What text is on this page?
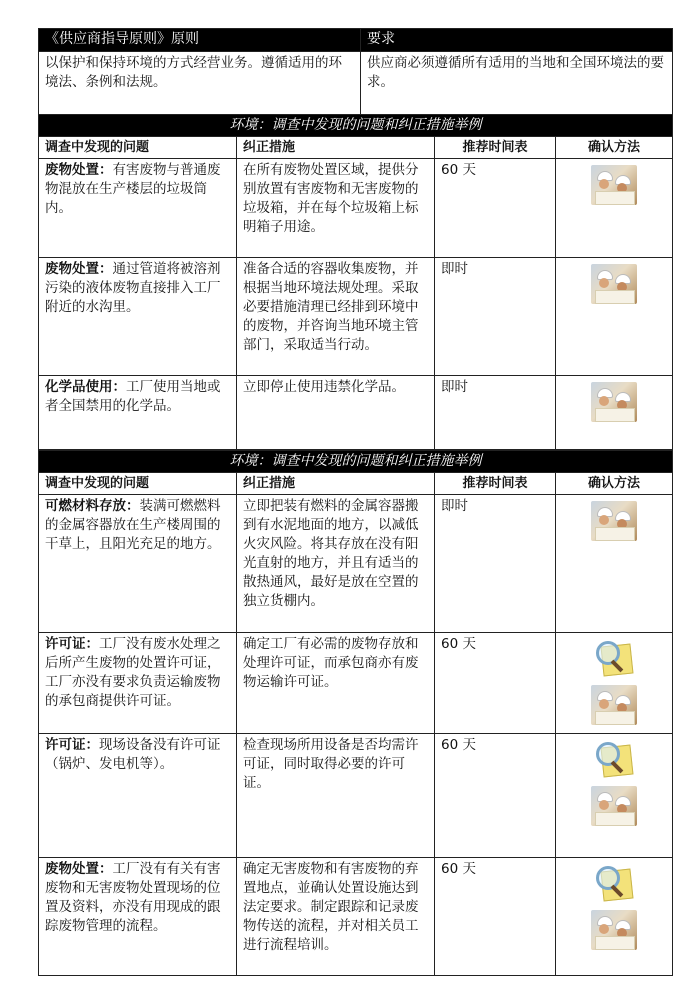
《供应商指导原则》原则	要求
以保护和保持环境的方式经营业务。遵循适用的环境法、条例和法规。	供应商必须遵循所有适用的当地和全国环境法的要求。
环境：调查中发现的问题和纠正措施举例			
调查中发现的问题	纠正措施	推荐时间表	确认方法
废物处置：有害废物与普通废物混放在生产楼层的垃圾筒内。	在所有废物处置区域，提供分别放置有害废物和无害废物的垃圾箱，并在每个垃圾箱上标明箱子用途。	60 天	

废物处置：通过管道将被溶剂污染的液体废物直接排入工厂附近的水沟里。	准备合适的容器收集废物，并根据当地环境法规处理。采取必要措施清理已经排到环境中的废物，并咨询当地环境主管部门，采取适当行动。	即时	

化学品使用：工厂使用当地或者全国禁用的化学品。	立即停止使用违禁化学品。	即时	
环境：调查中发现的问题和纠正措施举例			
调查中发现的问题	纠正措施	推荐时间表	确认方法
可燃材料存放：装满可燃燃料的金属容器放在生产楼周围的干草上，且阳光充足的地方。	立即把装有燃料的金属容器搬到有水泥地面的地方，以减低火灾风险。将其存放在没有阳光直射的地方，并且有适当的散热通风，最好是放在空置的独立货棚内。	即时	

许可证：工厂没有废水处理之后所产生废物的处置许可证，工厂亦没有要求负责运输废物的承包商提供许可证。	确定工厂有必需的废物存放和处理许可证，而承包商亦有废物运输许可证。	60 天	

许可证：现场设备没有许可证（锅炉、发电机等）。	检查现场所用设备是否均需许可证，同时取得必要的许可证。	60 天	

废物处置：工厂没有有关有害废物和无害废物处置现场的位置及资料，亦没有用现成的跟踪废物管理的流程。	确定无害废物和有害废物的弃置地点，並确认处置设施达到法定要求。制定跟踪和记录废物传送的流程，并对相关员工进行流程培训。	60 天	
